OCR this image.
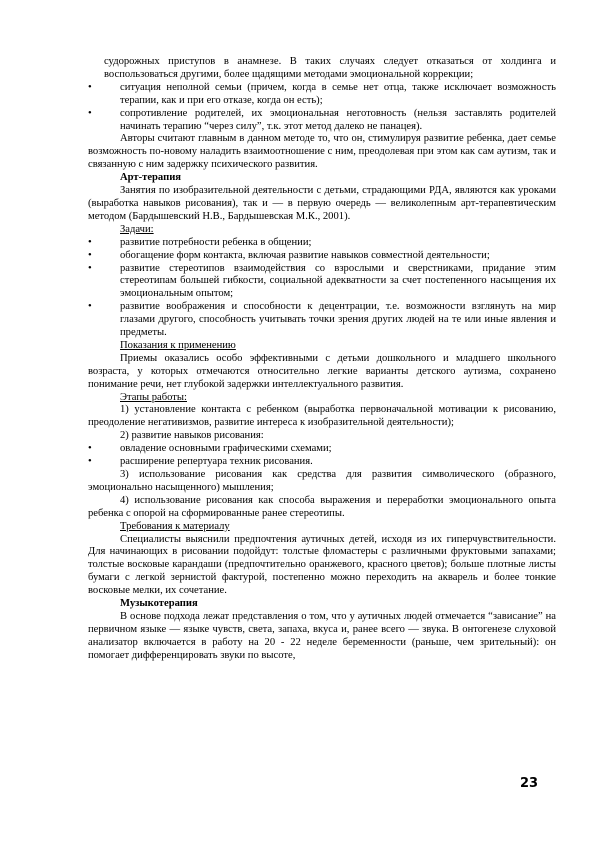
судорожных приступов в анамнезе. В таких случаях следует отказаться от холдинга и воспользоваться другими, более щадящими методами эмоциональной коррекции;

•	ситуация неполной семьи (причем, когда в семье нет отца, также исключает возможность терапии, как и при его отказе, когда он есть);

•	сопротивление родителей, их эмоциональная неготовность (нельзя заставлять родителей начинать терапию “через силу”, т.к. этот метод далеко не панацея).

Авторы считают главным в данном методе то, что он, стимулируя развитие ребенка, дает семье возможность по-новому наладить взаимоотношение с ним, преодолевая при этом как сам аутизм, так и связанную с ним задержку психического развития.

Арт-терапия

Занятия по изобразительной деятельности с детьми, страдающими РДА, являются как уроками (выработка навыков рисования), так и — в первую очередь — великолепным арт-терапевтическим методом (Бардышевский Н.В., Бардышевская М.К., 2001).

Задачи:

•	развитие потребности ребенка в общении;

•	обогащение форм контакта, включая развитие навыков совместной деятельности;

•	развитие стереотипов взаимодействия со взрослыми и сверстниками, придание этим стереотипам большей гибкости, социальной адекватности за счет постепенного насыщения их эмоциональным опытом;

•	развитие воображения и способности к децентрации, т.е. возможности взглянуть на мир глазами другого, способность учитывать точки зрения других людей на те или иные явления и предметы.

Показания к применению

Приемы оказались особо эффективными с детьми дошкольного и младшего школьного возраста, у которых отмечаются относительно легкие варианты детского аутизма, сохранено понимание речи, нет глубокой задержки интеллектуального развития.

Этапы работы:

1) установление контакта с ребенком (выработка первоначальной мотивации к рисованию, преодоление негативизмов, развитие интереса к изобразительной деятельности);

2) развитие навыков рисования:

•	овладение основными графическими схемами;

•	расширение репертуара техник рисования.

3) использование рисования как средства для развития символического (образного, эмоционально насыщенного) мышления;

4) использование рисования как способа выражения и переработки эмоционального опыта ребенка с опорой на сформированные ранее стереотипы.

Требования к материалу

Специалисты выяснили предпочтения аутичных детей, исходя из их гиперчувствительности. Для начинающих в рисовании подойдут: толстые фломастеры с различными фруктовыми запахами; толстые восковые карандаши (предпочтительно оранжевого, красного цветов); больше плотные листы бумаги с легкой зернистой фактурой, постепенно можно переходить на акварель и более тонкие восковые мелки, их сочетание.

Музыкотерапия

В основе подхода лежат представления о том, что у аутичных людей отмечается “зависание” на первичном языке — языке чувств, света, запаха, вкуса и, ранее всего — звука. В онтогенезе слуховой анализатор включается в работу на 20 - 22 неделе беременности (раньше, чем зрительный): он помогает дифференцировать звуки по высоте,

23
